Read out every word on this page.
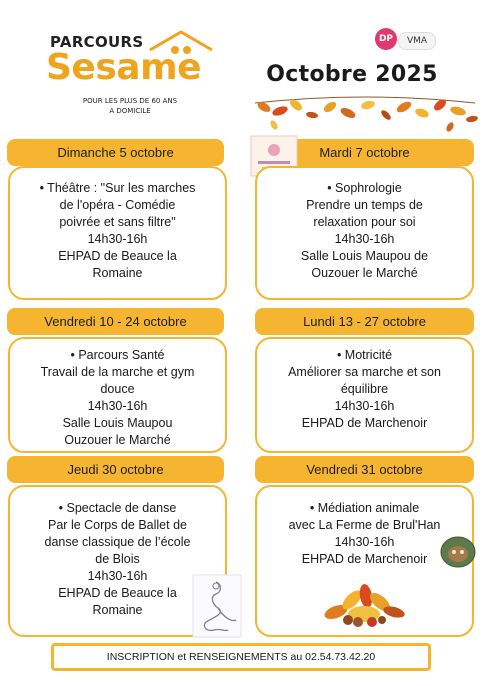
PARCOURS
Sesame
POUR LES PLUS DE 60 ANS
A DOMICILE
DP	VMA
Octobre 2025
Dimanche 5 octobre
• Théâtre : "Sur les marches
de l'opéra - Comédie
poivrée et sans filtre"
14h30-16h
EHPAD de Beauce la
Romaine
Mardi 7 octobre
• Sophrologie
Prendre un temps de
relaxation pour soi
14h30-16h
Salle Louis Maupou de
Ouzouer le Marché
Vendredi 10 - 24 octobre
• Parcours Santé
Travail de la marche et gym
douce
14h30-16h
Salle Louis Maupou
Ouzouer le Marché
Lundi 13 - 27 octobre
• Motricité
Améliorer sa marche et son
équilibre
14h30-16h
EHPAD de Marchenoir
Jeudi 30 octobre
• Spectacle de danse
Par le Corps de Ballet de
danse classique de l’école
de Blois
14h30-16h
EHPAD de Beauce la
Romaine
Vendredi 31 octobre
• Médiation animale
avec La Ferme de Brul'Han
14h30-16h
EHPAD de Marchenoir
INSCRIPTION et RENSEIGNEMENTS au 02.54.73.42.20
